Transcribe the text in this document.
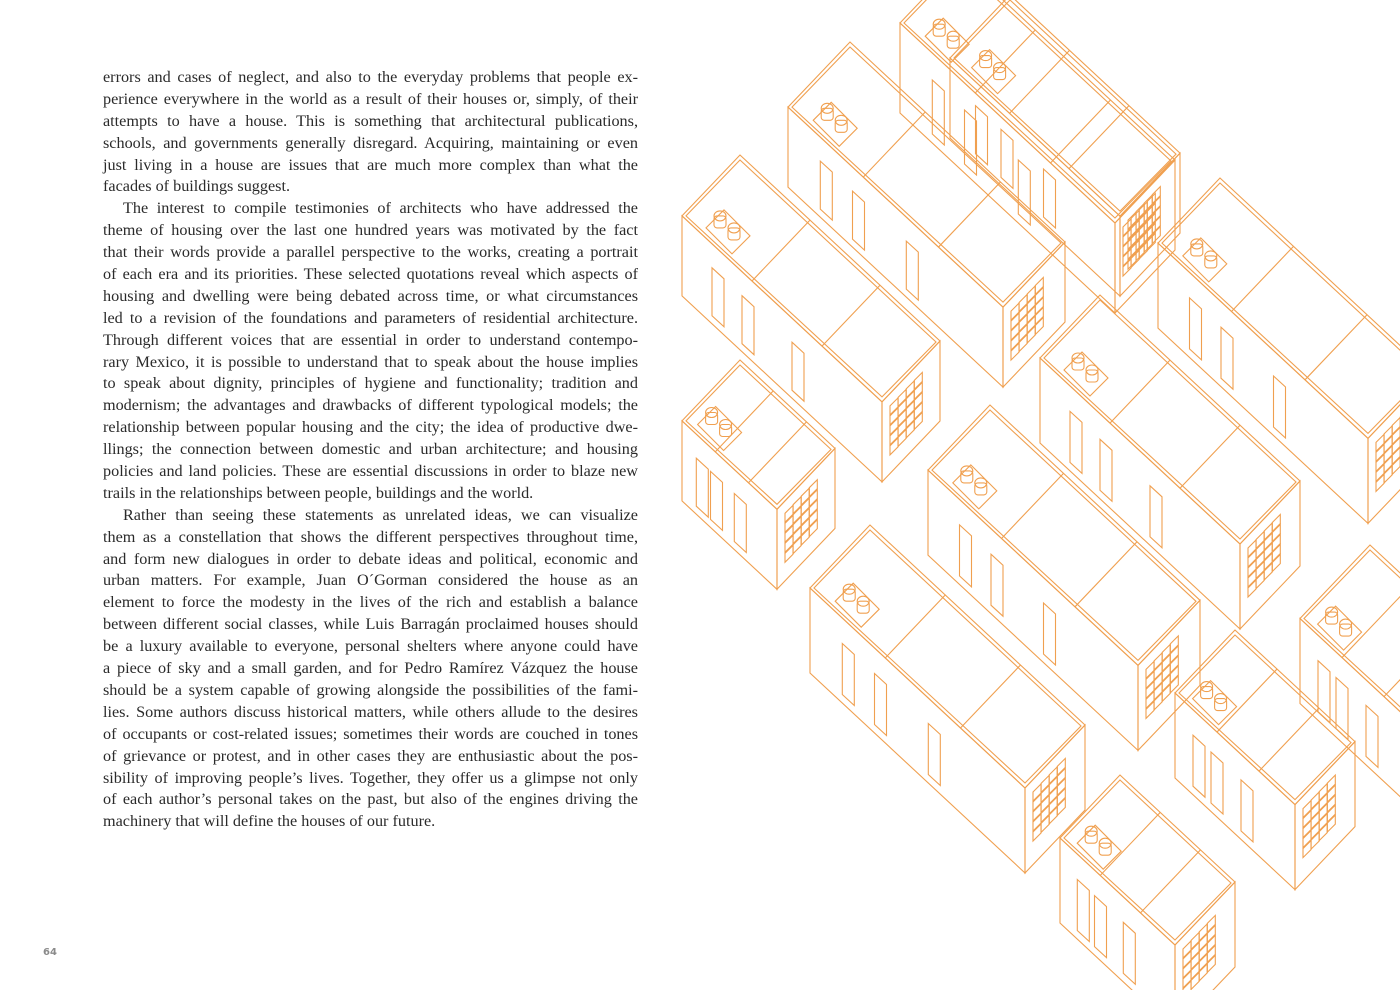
errors and cases of neglect, and also to the everyday problems that people ex-
perience everywhere in the world as a result of their houses or, simply, of their
attempts to have a house. This is something that architectural publications,
schools, and governments generally disregard. Acquiring, maintaining or even
just living in a house are issues that are much more complex than what the
facades of buildings suggest.
The interest to compile testimonies of architects who have addressed the
theme of housing over the last one hundred years was motivated by the fact
that their words provide a parallel perspective to the works, creating a portrait
of each era and its priorities. These selected quotations reveal which aspects of
housing and dwelling were being debated across time, or what circumstances
led to a revision of the foundations and parameters of residential architecture.
Through different voices that are essential in order to understand contempo-
rary Mexico, it is possible to understand that to speak about the house implies
to speak about dignity, principles of hygiene and functionality; tradition and
modernism; the advantages and drawbacks of different typological models; the
relationship between popular housing and the city; the idea of productive dwe-
llings; the connection between domestic and urban architecture; and housing
policies and land policies. These are essential discussions in order to blaze new
trails in the relationships between people, buildings and the world.
Rather than seeing these statements as unrelated ideas, we can visualize
them as a constellation that shows the different perspectives throughout time,
and form new dialogues in order to debate ideas and political, economic and
urban matters. For example, Juan O´Gorman considered the house as an
element to force the modesty in the lives of the rich and establish a balance
between different social classes, while Luis Barragán proclaimed houses should
be a luxury available to everyone, personal shelters where anyone could have
a piece of sky and a small garden, and for Pedro Ramírez Vázquez the house
should be a system capable of growing alongside the possibilities of the fami-
lies. Some authors discuss historical matters, while others allude to the desires
of occupants or cost-related issues; sometimes their words are couched in tones
of grievance or protest, and in other cases they are enthusiastic about the pos-
sibility of improving people’s lives. Together, they offer us a glimpse not only
of each author’s personal takes on the past, but also of the engines driving the
machinery that will define the houses of our future.
64
